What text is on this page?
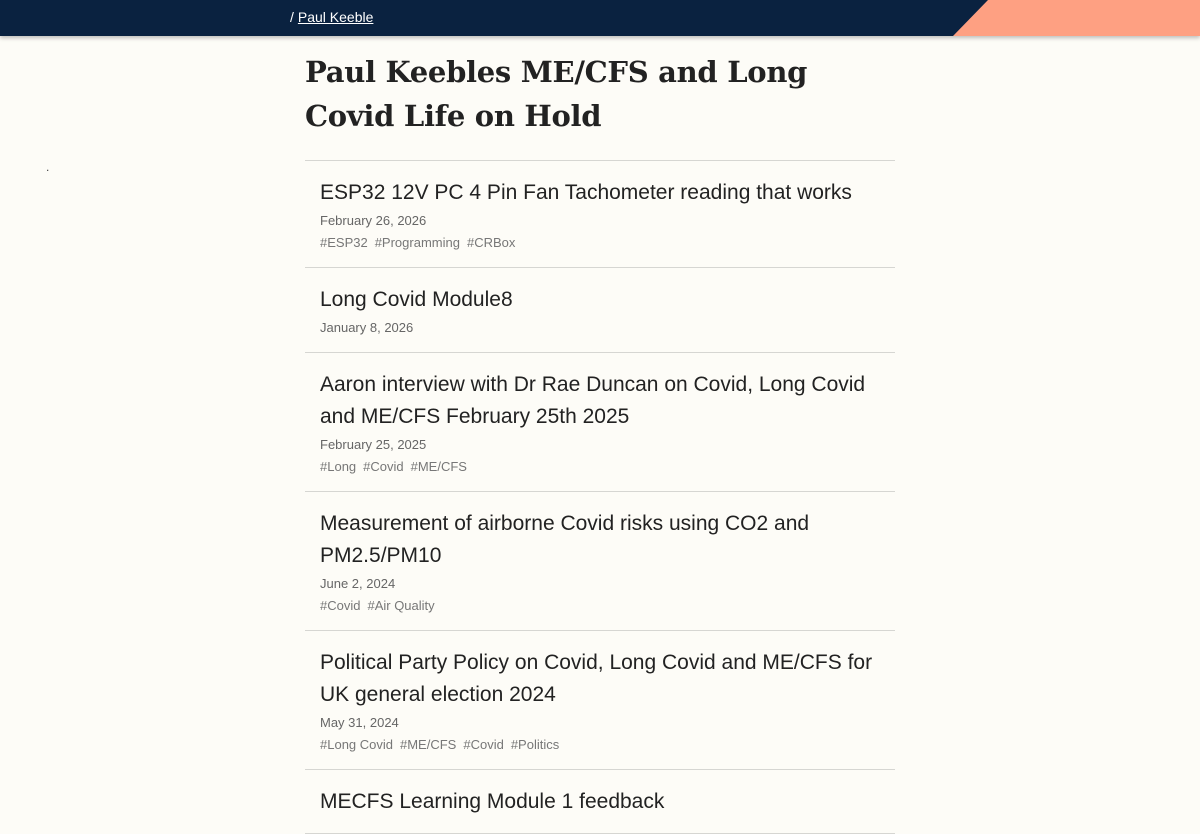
/ Paul Keeble
.
Paul Keebles ME/CFS and Long Covid Life on Hold
ESP32 12V PC 4 Pin Fan Tachometer reading that works
February 26, 2026
#ESP32 #Programming #CRBox
Long Covid Module8
January 8, 2026
Aaron interview with Dr Rae Duncan on Covid, Long Covid and ME/CFS February 25th 2025
February 25, 2025
#Long #Covid #ME/CFS
Measurement of airborne Covid risks using CO2 and PM2.5/PM10
June 2, 2024
#Covid #Air Quality
Political Party Policy on Covid, Long Covid and ME/CFS for UK general election 2024
May 31, 2024
#Long Covid #ME/CFS #Covid #Politics
MECFS Learning Module 1 feedback
